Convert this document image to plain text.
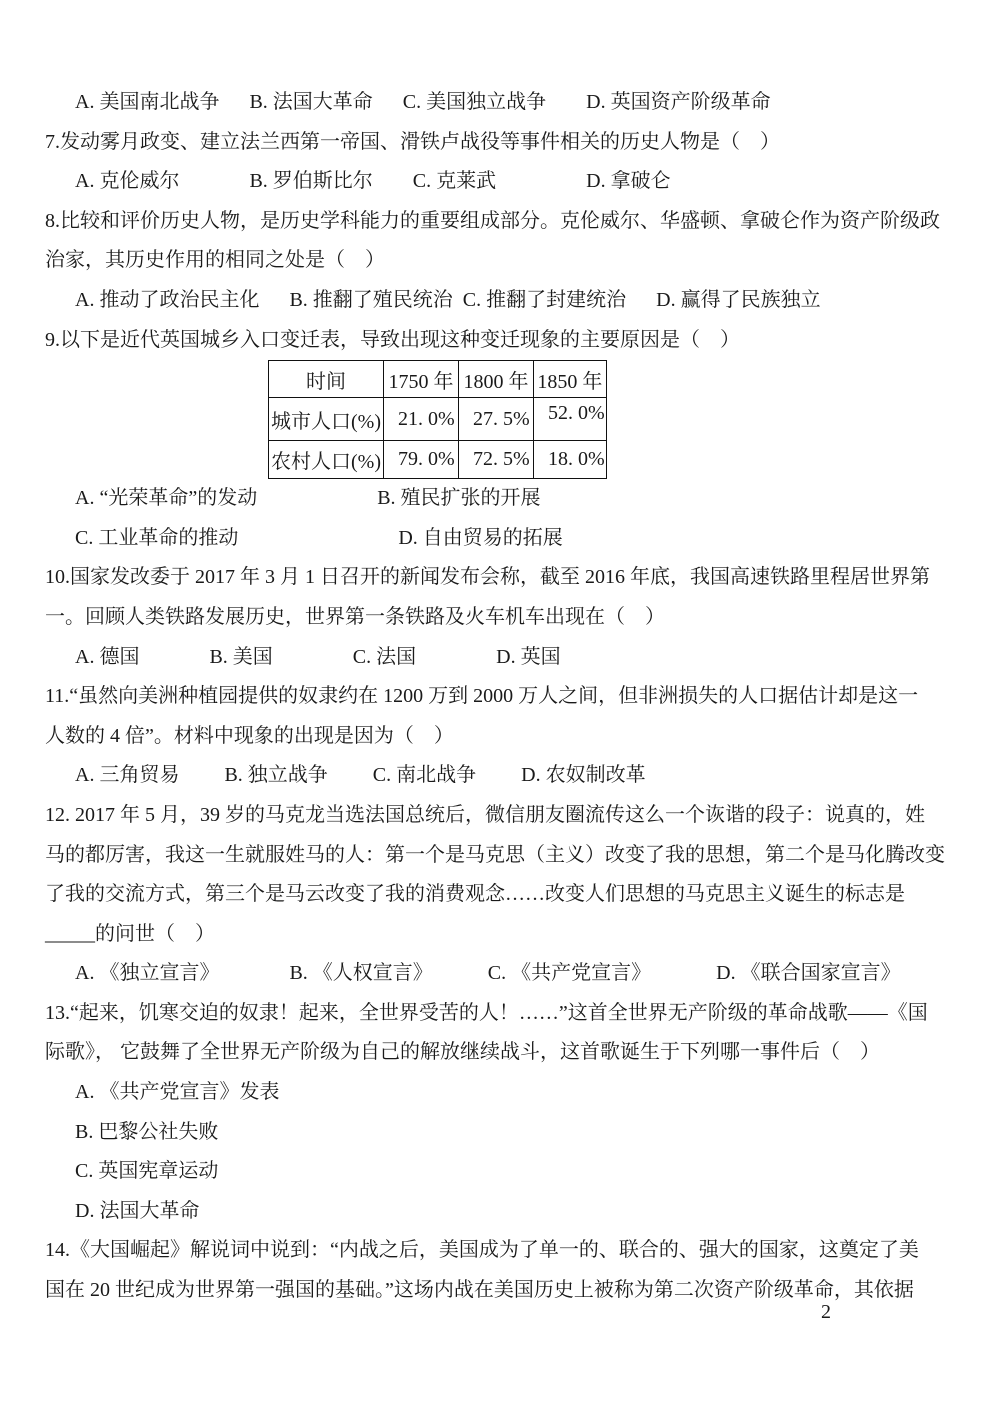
A. 美国南北战争      B. 法国大革命      C. 美国独立战争        D. 英国资产阶级革命
7.发动雾月政变、建立法兰西第一帝国、滑铁卢战役等事件相关的历史人物是（    ）
A. 克伦威尔              B. 罗伯斯比尔        C. 克莱武                  D. 拿破仑
8.比较和评价历史人物，是历史学科能力的重要组成部分。克伦威尔、华盛顿、拿破仑作为资产阶级政
治家，其历史作用的相同之处是（    ）
A. 推动了政治民主化      B. 推翻了殖民统治  C. 推翻了封建统治      D. 赢得了民族独立
9.以下是近代英国城乡入口变迁表，导致出现这种变迁现象的主要原因是（    ）
时间	1750 年	1800 年	1850 年
城市人口(%)	21. 0%	27. 5%	52. 0%
农村人口(%)	79. 0%	72. 5%	18. 0%
A. “光荣革命”的发动                        B. 殖民扩张的开展
C. 工业革命的推动                                D. 自由贸易的拓展
10.国家发改委于 2017 年 3 月 1 日召开的新闻发布会称，截至 2016 年底，我国高速铁路里程居世界第
一。回顾人类铁路发展历史，世界第一条铁路及火车机车出现在（    ）
A. 德国              B. 美国                C. 法国                D. 英国
11.“虽然向美洲种植园提供的奴隶约在 1200 万到 2000 万人之间，但非洲损失的人口据估计却是这一
人数的 4 倍”。材料中现象的出现是因为（    ）
A. 三角贸易         B. 独立战争         C. 南北战争         D. 农奴制改革
12. 2017 年 5 月，39 岁的马克龙当选法国总统后，微信朋友圈流传这么一个诙谐的段子：说真的，姓
马的都厉害，我这一生就服姓马的人：第一个是马克思（主义）改变了我的思想，第二个是马化腾改变
了我的交流方式，第三个是马云改变了我的消费观念……改变人们思想的马克思主义诞生的标志是
_____的问世（    ）
A. 《独立宣言》              B. 《人权宣言》           C. 《共产党宣言》             D. 《联合国家宣言》
13.“起来，饥寒交迫的奴隶！起来，全世界受苦的人！……”这首全世界无产阶级的革命战歌——《国
际歌》， 它鼓舞了全世界无产阶级为自己的解放继续战斗，这首歌诞生于下列哪一事件后（    ）
A. 《共产党宣言》发表
B. 巴黎公社失败
C. 英国宪章运动
D. 法国大革命
14.《大国崛起》解说词中说到：“内战之后，美国成为了单一的、联合的、强大的国家，这奠定了美
国在 20 世纪成为世界第一强国的基础。”这场内战在美国历史上被称为第二次资产阶级革命，其依据
2
